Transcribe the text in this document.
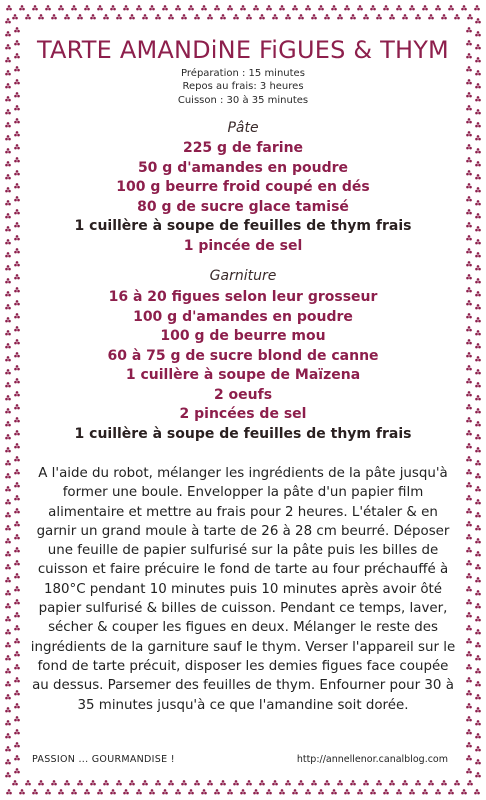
TARTE AMANDiNE FiGUES & THYM
Préparation : 15 minutes
Repos au frais: 3 heures
Cuisson : 30 à 35 minutes
Pâte
225 g de farine
50 g d'amandes en poudre
100 g beurre froid coupé en dés
80 g de sucre glace tamisé
1 cuillère à soupe de feuilles de thym frais
1 pincée de sel
Garniture
16 à 20 figues selon leur grosseur
100 g d'amandes en poudre
100 g de beurre mou
60 à 75 g de sucre blond de canne
1 cuillère à soupe de Maïzena
2 oeufs
2 pincées de sel
1 cuillère à soupe de feuilles de thym frais
A l'aide du robot, mélanger les ingrédients de la pâte jusqu'à former une boule. Envelopper la pâte d'un papier film alimentaire et mettre au frais pour 2 heures. L'étaler & en garnir un grand moule à tarte de 26 à 28 cm beurré. Déposer une feuille de papier sulfurisé sur la pâte puis les billes de cuisson et faire précuire le fond de tarte au four préchauffé à 180°C pendant 10 minutes puis 10 minutes après avoir ôté papier sulfurisé & billes de cuisson. Pendant ce temps, laver, sécher & couper les figues en deux. Mélanger le reste des ingrédients de la garniture sauf le thym. Verser l'appareil sur le fond de tarte précuit, disposer les demies figues face coupée au dessus. Parsemer des feuilles de thym. Enfourner pour 30 à 35 minutes jusqu'à ce que l'amandine soit dorée.
PASSION ... GOURMANDISE !	http://annellenor.canalblog.com
